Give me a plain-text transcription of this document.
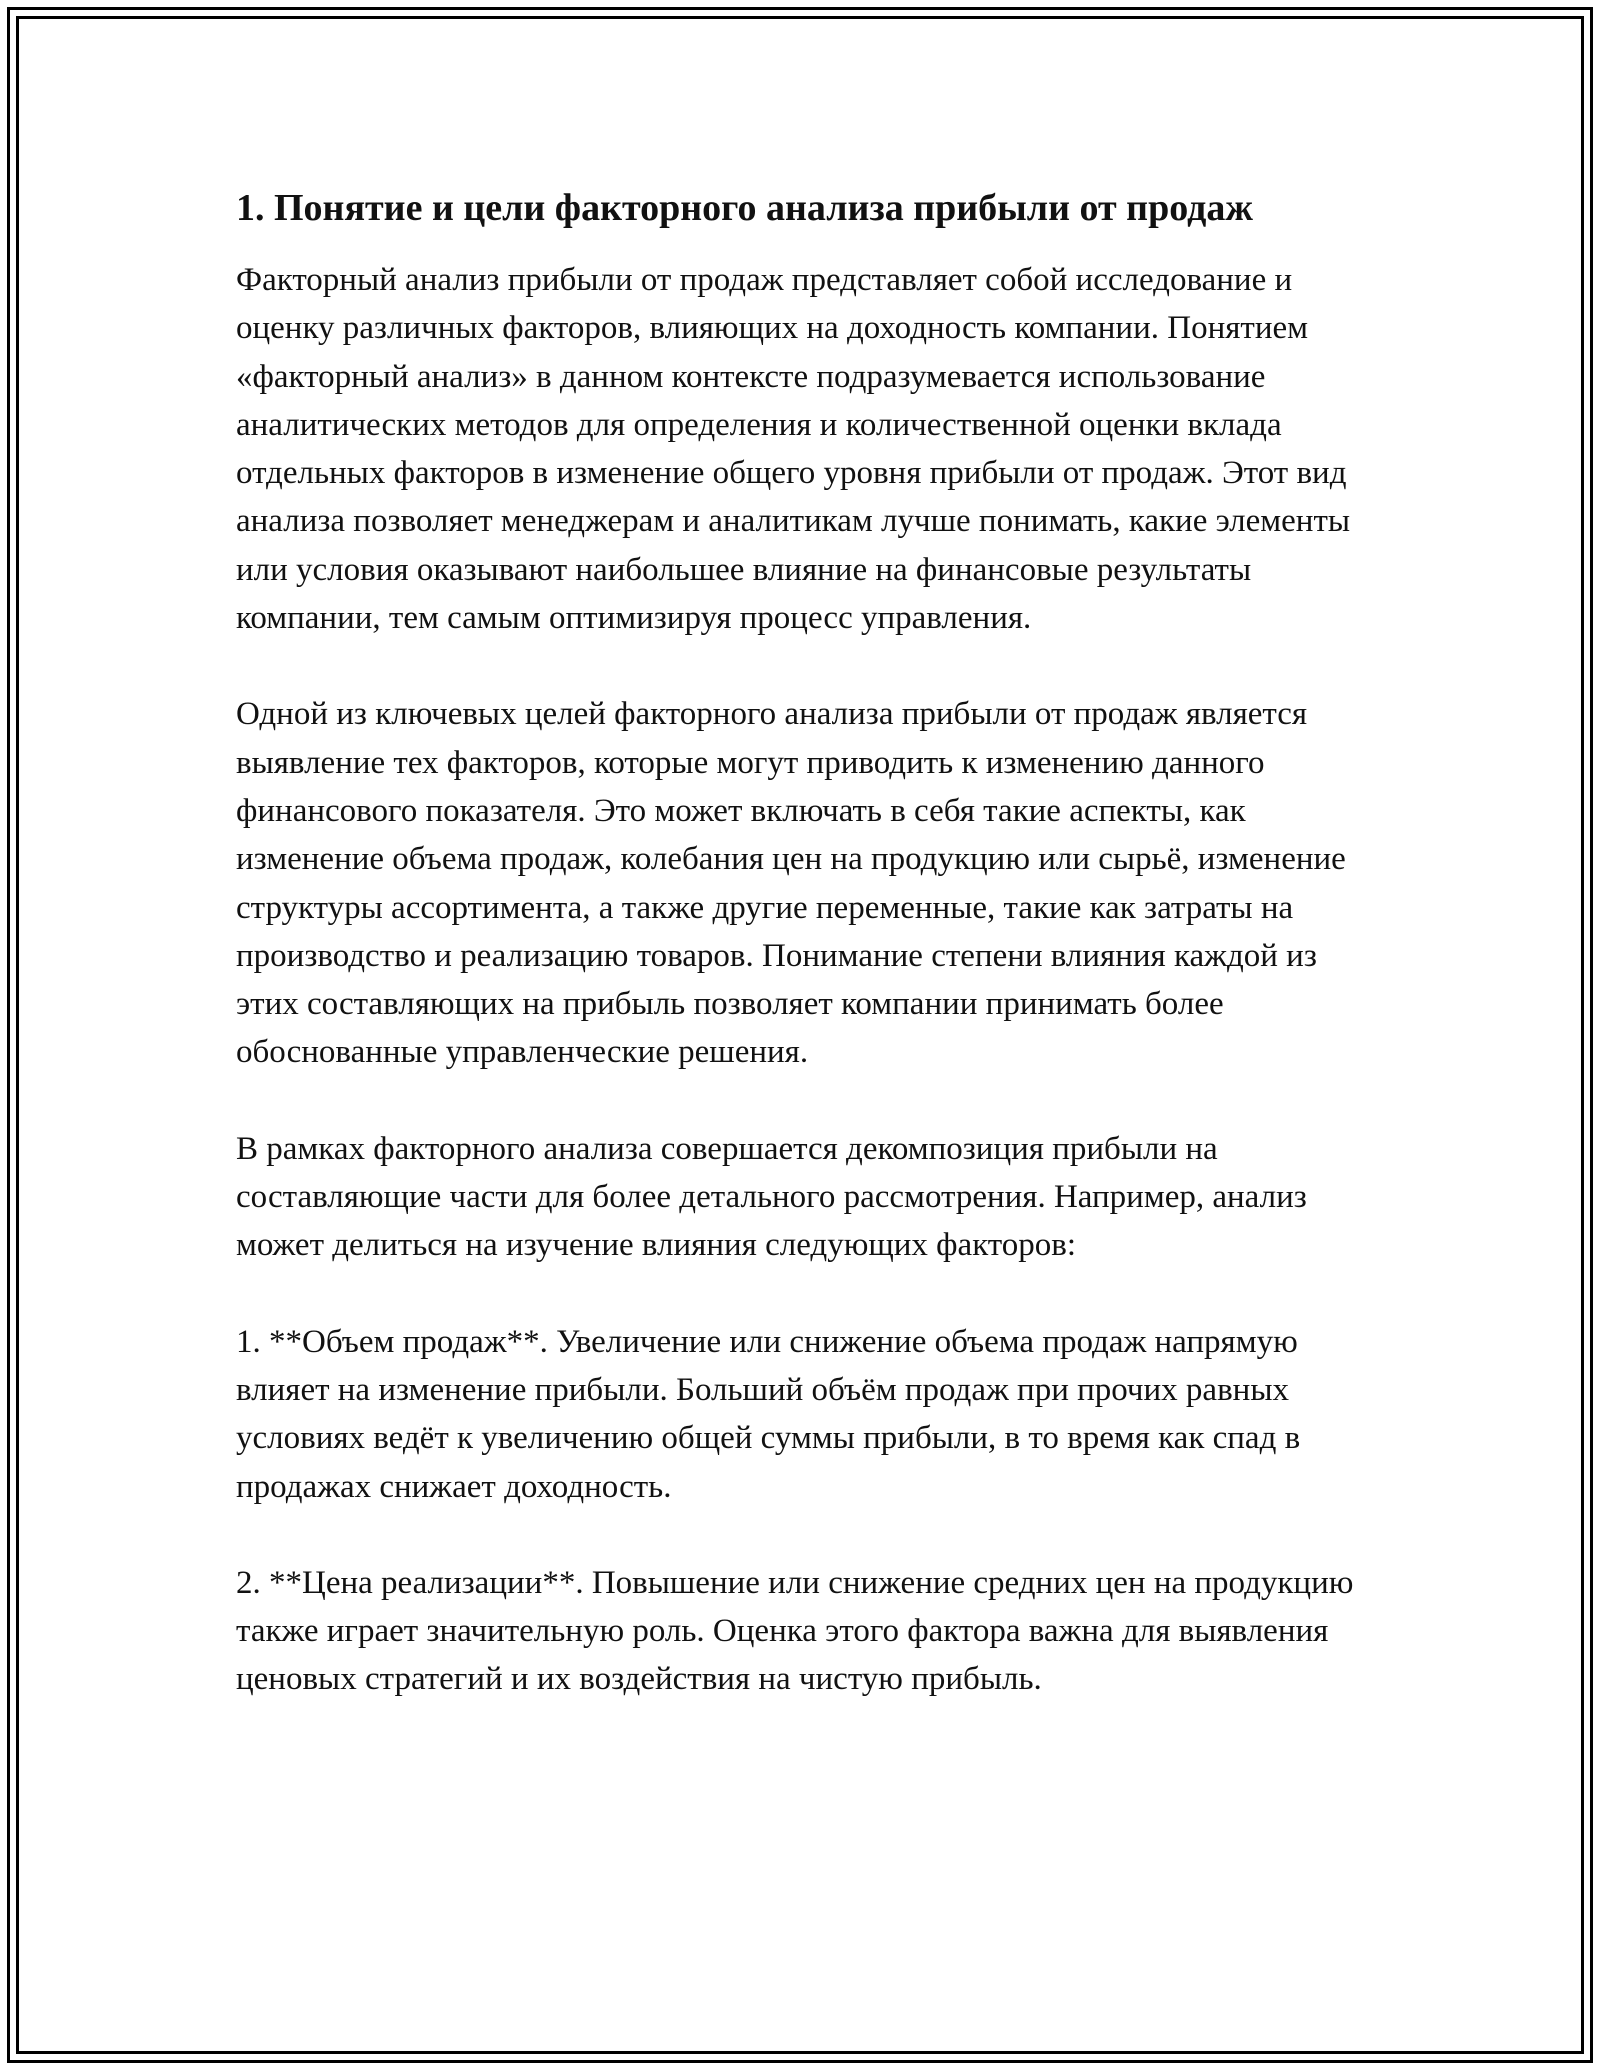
1. Понятие и цели факторного анализа прибыли от продаж

Факторный анализ прибыли от продаж представляет собой исследование и оценку различных факторов, влияющих на доходность компании. Понятием «факторный анализ» в данном контексте подразумевается использование аналитических методов для определения и количественной оценки вклада отдельных факторов в изменение общего уровня прибыли от продаж. Этот вид анализа позволяет менеджерам и аналитикам лучше понимать, какие элементы или условия оказывают наибольшее влияние на финансовые результаты компании, тем самым оптимизируя процесс управления.

Одной из ключевых целей факторного анализа прибыли от продаж является выявление тех факторов, которые могут приводить к изменению данного финансового показателя. Это может включать в себя такие аспекты, как изменение объема продаж, колебания цен на продукцию или сырьё, изменение структуры ассортимента, а также другие переменные, такие как затраты на производство и реализацию товаров. Понимание степени влияния каждой из этих составляющих на прибыль позволяет компании принимать более обоснованные управленческие решения.

В рамках факторного анализа совершается декомпозиция прибыли на составляющие части для более детального рассмотрения. Например, анализ может делиться на изучение влияния следующих факторов:

1. **Объем продаж**. Увеличение или снижение объема продаж напрямую влияет на изменение прибыли. Больший объём продаж при прочих равных условиях ведёт к увеличению общей суммы прибыли, в то время как спад в продажах снижает доходность.

2. **Цена реализации**. Повышение или снижение средних цен на продукцию также играет значительную роль. Оценка этого фактора важна для выявления ценовых стратегий и их воздействия на чистую прибыль.
